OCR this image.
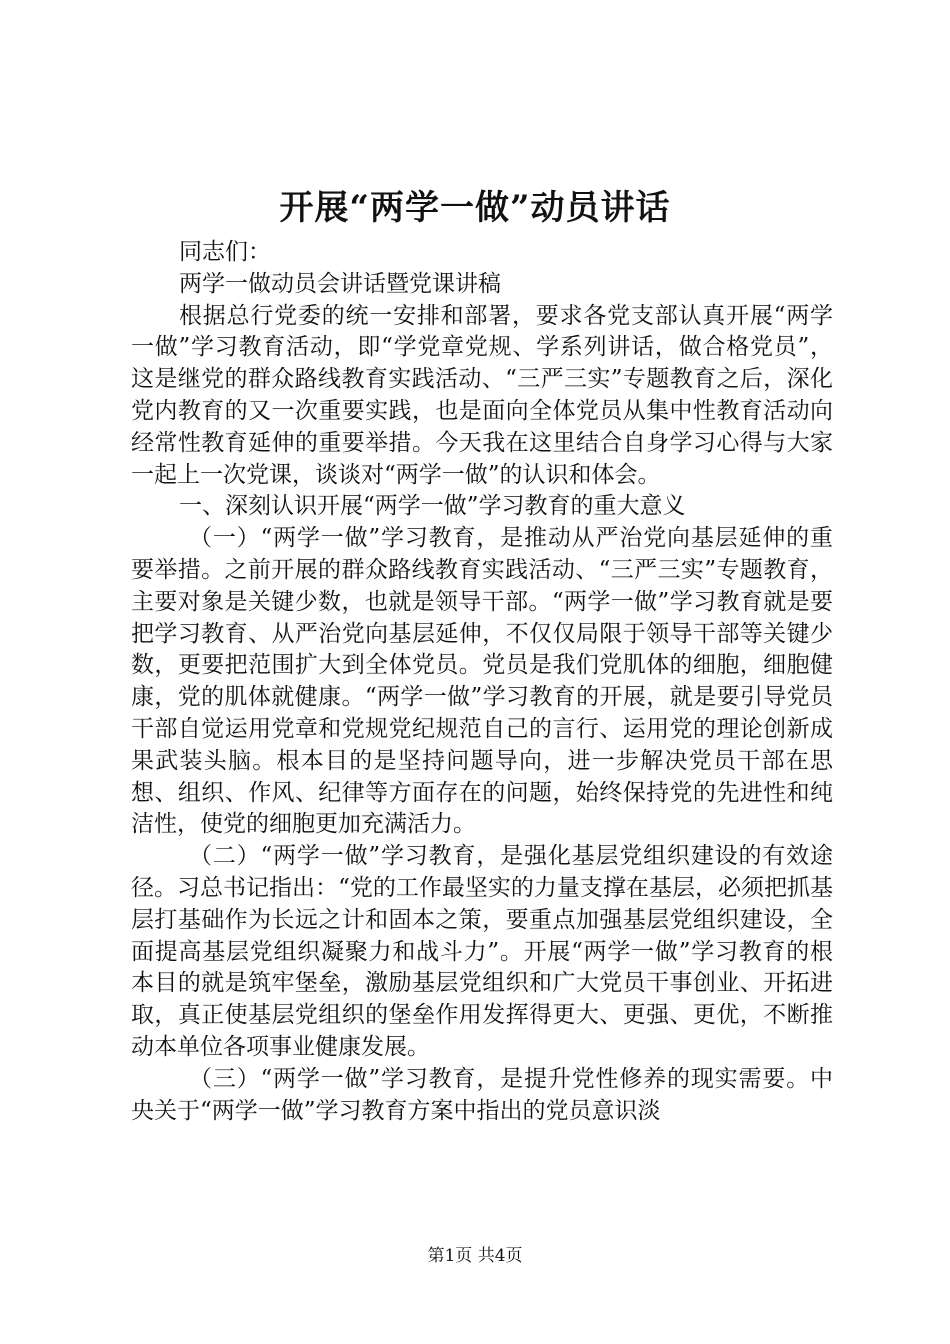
开展“两学一做”动员讲话

同志们：

两学一做动员会讲话暨党课讲稿

根据总行党委的统一安排和部署，要求各党支部认真开展“两学一做”学习教育活动，即“学党章党规、学系列讲话，做合格党员”，这是继党的群众路线教育实践活动、“三严三实”专题教育之后，深化党内教育的又一次重要实践，也是面向全体党员从集中性教育活动向经常性教育延伸的重要举措。今天我在这里结合自身学习心得与大家一起上一次党课，谈谈对“两学一做”的认识和体会。

一、深刻认识开展“两学一做”学习教育的重大意义

（一）“两学一做”学习教育，是推动从严治党向基层延伸的重要举措。之前开展的群众路线教育实践活动、“三严三实”专题教育，主要对象是关键少数，也就是领导干部。“两学一做”学习教育就是要把学习教育、从严治党向基层延伸，不仅仅局限于领导干部等关键少数，更要把范围扩大到全体党员。党员是我们党肌体的细胞，细胞健康，党的肌体就健康。“两学一做”学习教育的开展，就是要引导党员干部自觉运用党章和党规党纪规范自己的言行、运用党的理论创新成果武装头脑。根本目的是坚持问题导向，进一步解决党员干部在思想、组织、作风、纪律等方面存在的问题，始终保持党的先进性和纯洁性，使党的细胞更加充满活力。

（二）“两学一做”学习教育，是强化基层党组织建设的有效途径。习总书记指出：“党的工作最坚实的力量支撑在基层，必须把抓基层打基础作为长远之计和固本之策，要重点加强基层党组织建设，全面提高基层党组织凝聚力和战斗力”。开展“两学一做”学习教育的根本目的就是筑牢堡垒，激励基层党组织和广大党员干事创业、开拓进取，真正使基层党组织的堡垒作用发挥得更大、更强、更优，不断推动本单位各项事业健康发展。

（三）“两学一做”学习教育，是提升党性修养的现实需要。中央关于“两学一做”学习教育方案中指出的党员意识淡

第1页 共4页
